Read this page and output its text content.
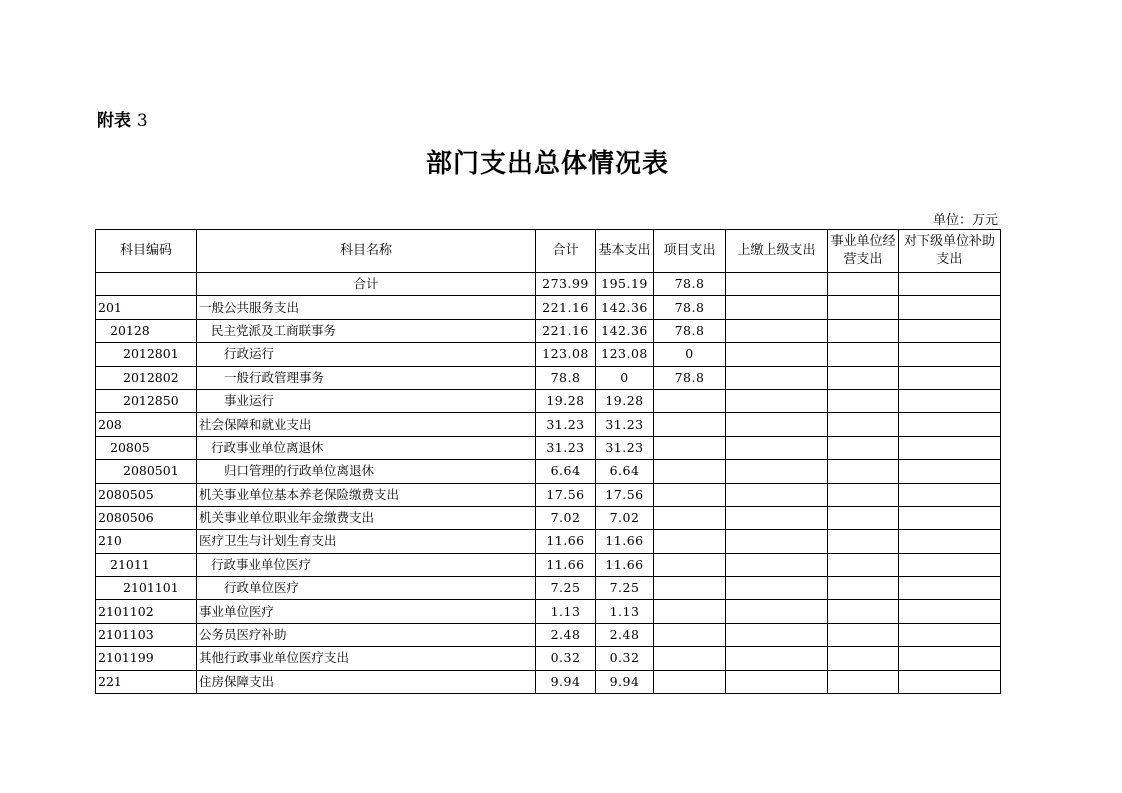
附表 3
部门支出总体情况表
单位：万元
科目编码	科目名称	合计	基本支出	项目支出	上缴上级支出	事业单位经营支出	对下级单位补助支出
	合计	273.99	195.19	78.8			
201	一般公共服务支出	221.16	142.36	78.8			
20128	民主党派及工商联事务	221.16	142.36	78.8			
2012801	行政运行	123.08	123.08	0			
2012802	一般行政管理事务	78.8	0	78.8			
2012850	事业运行	19.28	19.28				
208	社会保障和就业支出	31.23	31.23				
20805	行政事业单位离退休	31.23	31.23				
2080501	归口管理的行政单位离退休	6.64	6.64				
2080505	机关事业单位基本养老保险缴费支出	17.56	17.56				
2080506	机关事业单位职业年金缴费支出	7.02	7.02				
210	医疗卫生与计划生育支出	11.66	11.66				
21011	行政事业单位医疗	11.66	11.66				
2101101	行政单位医疗	7.25	7.25				
2101102	事业单位医疗	1.13	1.13				
2101103	公务员医疗补助	2.48	2.48				
2101199	其他行政事业单位医疗支出	0.32	0.32				
221	住房保障支出	9.94	9.94				
